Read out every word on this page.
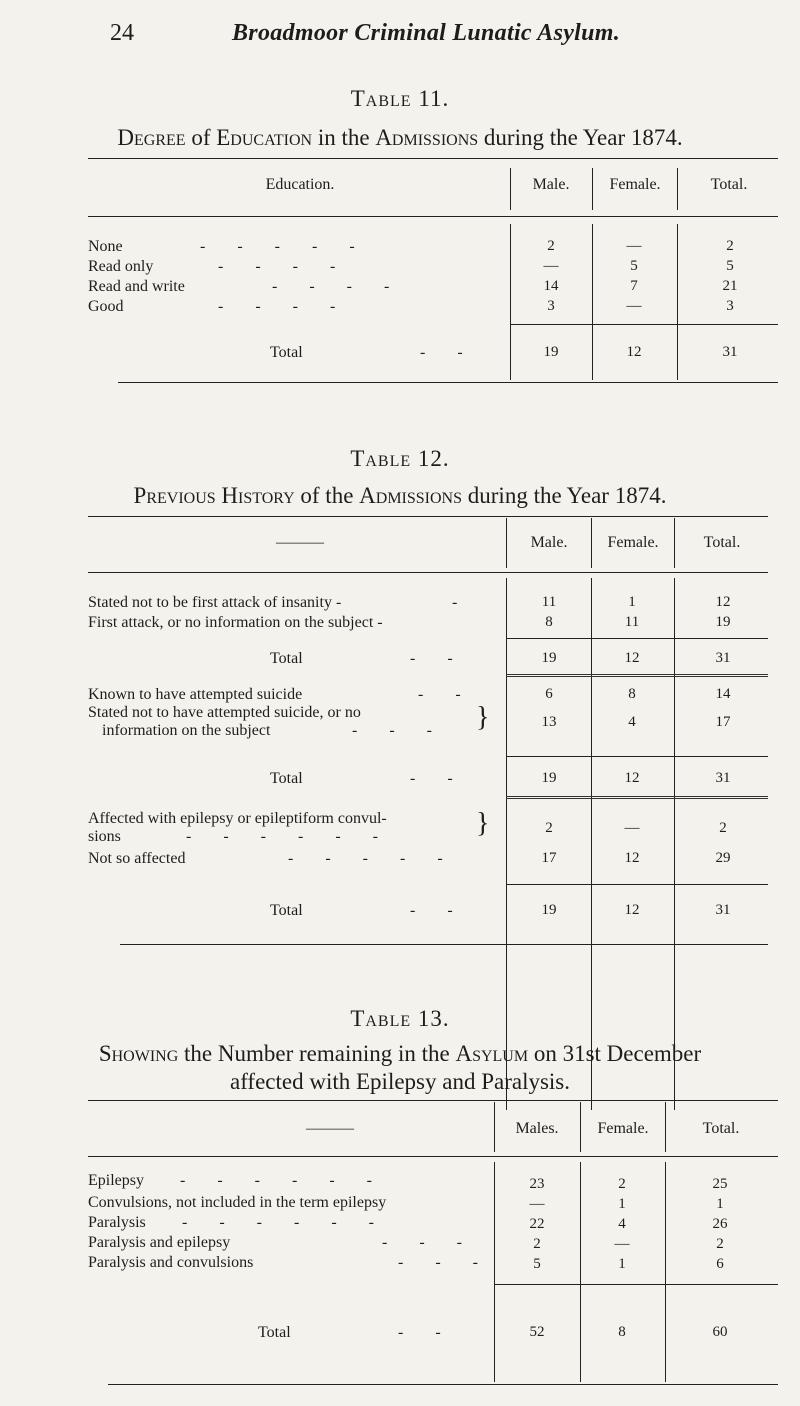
24	Broadmoor Criminal Lunatic Asylum.
Table 11.
Degree of Education in the Admissions during the Year 1874.
Education.	Male.	Female.	Total.
None	- - - - -	2	—	2
Read only	- - - -	—	5	5
Read and write	- - - -	14	7	21
Good	- - - -	3	—	3
Total	- -	19	12	31
Table 12.
Previous History of the Admissions during the Year 1874.
———	Male.	Female.	Total.
Stated not to be first attack of insanity -	-	11	1	12
First attack, or no information on the subject -	8	11	19
Total	- -	19	12	31
Known to have attempted suicide	- -	6	8	14
Stated not to have attempted suicide, or no
information on the subject	- - - }	13	4	17
Total	- -	19	12	31
Affected with epilepsy or epileptiform convul-
sions	- - - - - -	}	2	—	2
Not so affected	- - - - -	17	12	29
Total	- -	19	12	31
Table 13.
Showing the Number remaining in the Asylum on 31st December
affected with Epilepsy and Paralysis.
———	Males.	Female.	Total.
Epilepsy - - - - - -	23	2	25
Convulsions, not included in the term epilepsy	—	1	1
Paralysis - - - - - -	22	4	26
Paralysis and epilepsy	- - -	2	—	2
Paralysis and convulsions	- - -	5	1	6
Total	- -	52	8	60
